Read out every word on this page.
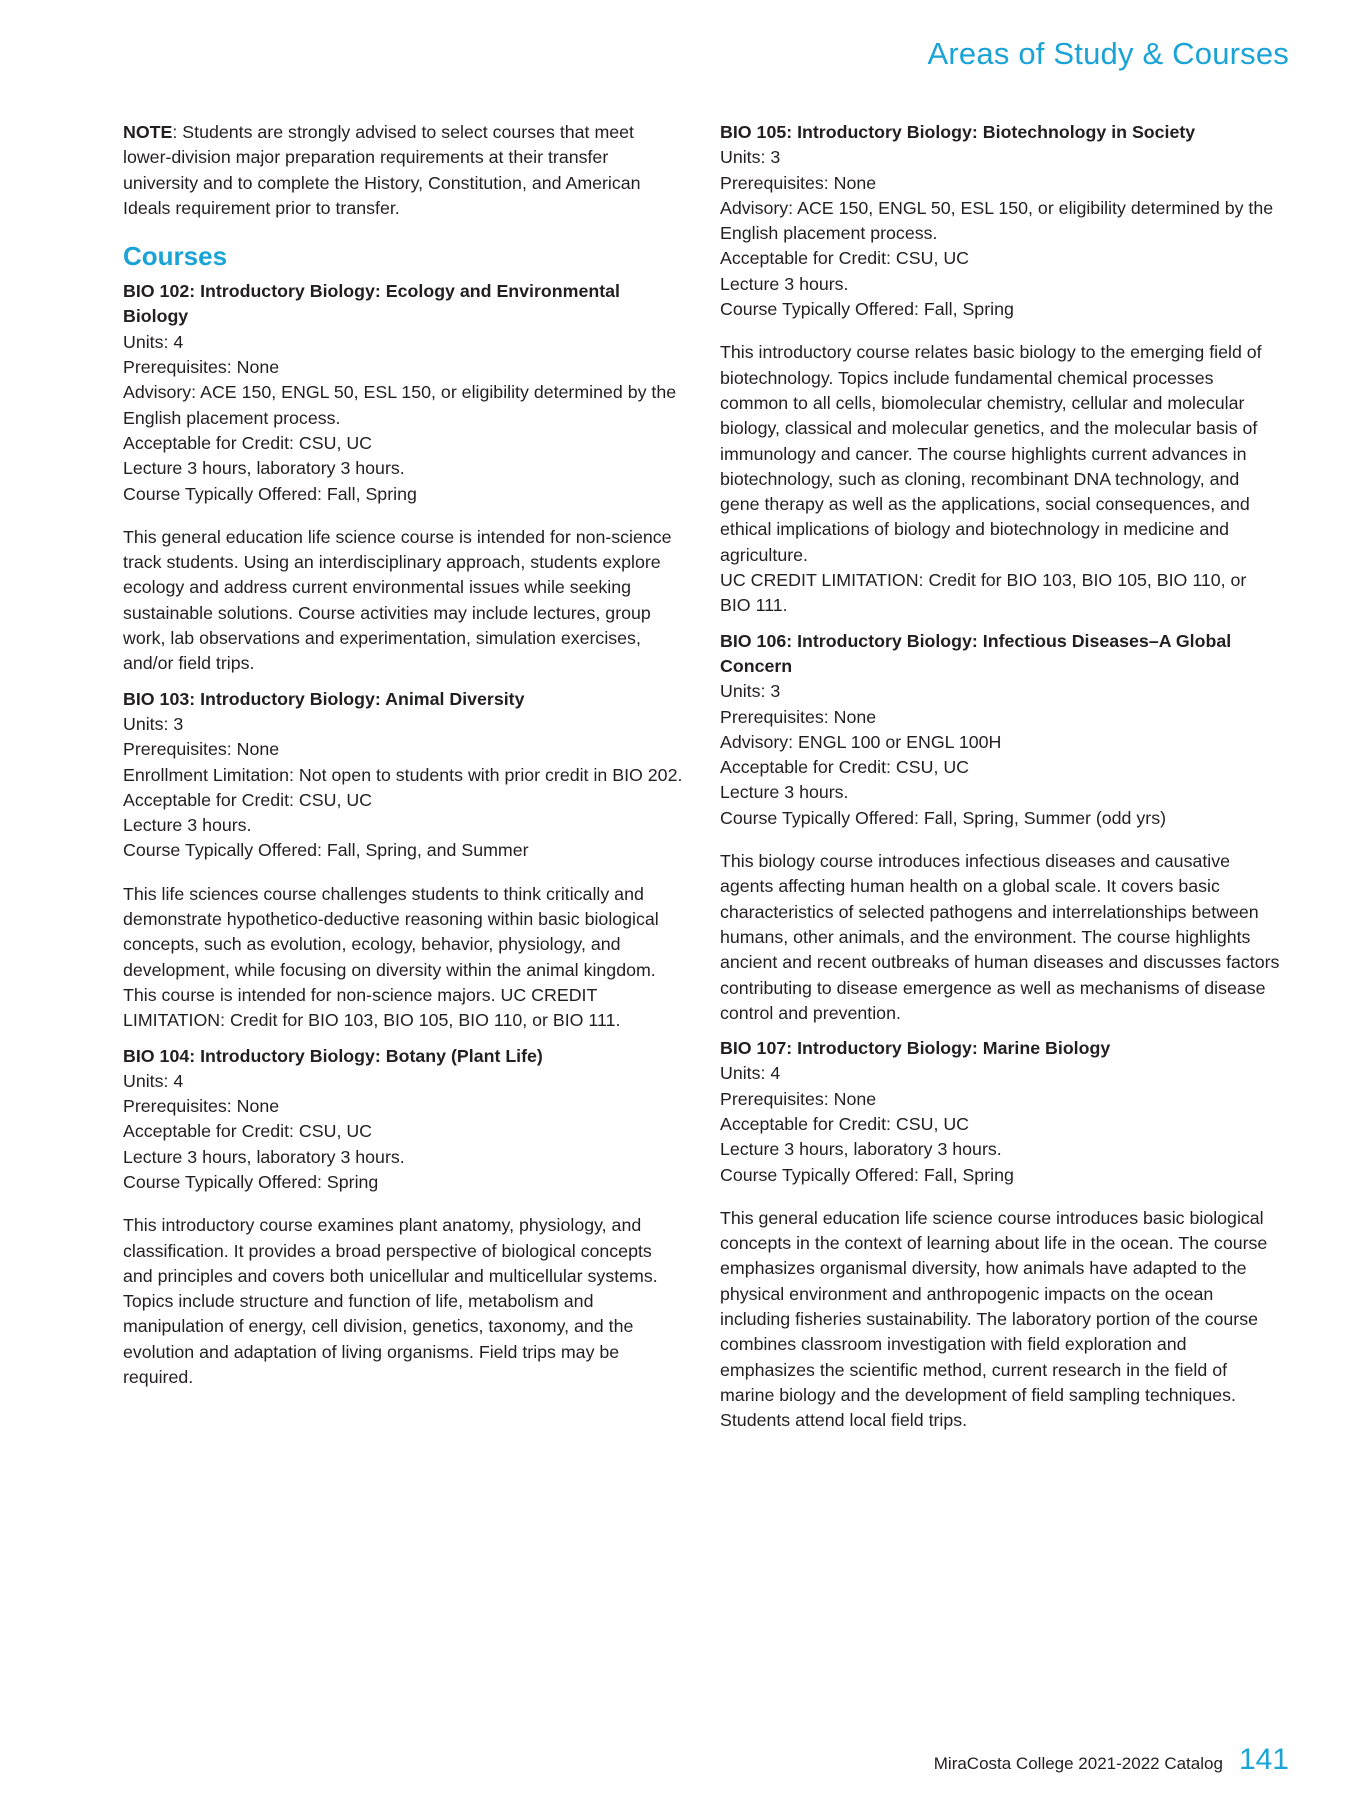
Areas of Study & Courses

NOTE: Students are strongly advised to select courses that meet lower-division major preparation requirements at their transfer university and to complete the History, Constitution, and American Ideals requirement prior to transfer.

Courses

BIO 102: Introductory Biology: Ecology and Environmental Biology

Units: 4

Prerequisites: None

Advisory: ACE 150, ENGL 50, ESL 150, or eligibility determined by the English placement process.

Acceptable for Credit: CSU, UC

Lecture 3 hours, laboratory 3 hours.

Course Typically Offered: Fall, Spring

This general education life science course is intended for non-science track students. Using an interdisciplinary approach, students explore ecology and address current environmental issues while seeking sustainable solutions. Course activities may include lectures, group work, lab observations and experimentation, simulation exercises, and/or field trips.

BIO 103: Introductory Biology: Animal Diversity

Units: 3

Prerequisites: None

Enrollment Limitation: Not open to students with prior credit in BIO 202.

Acceptable for Credit: CSU, UC

Lecture 3 hours.

Course Typically Offered: Fall, Spring, and Summer

This life sciences course challenges students to think critically and demonstrate hypothetico-deductive reasoning within basic biological concepts, such as evolution, ecology, behavior, physiology, and development, while focusing on diversity within the animal kingdom. This course is intended for non-science majors. UC CREDIT LIMITATION: Credit for BIO 103, BIO 105, BIO 110, or BIO 111.

BIO 104: Introductory Biology: Botany (Plant Life)

Units: 4

Prerequisites: None

Acceptable for Credit: CSU, UC

Lecture 3 hours, laboratory 3 hours.

Course Typically Offered: Spring

This introductory course examines plant anatomy, physiology, and classification. It provides a broad perspective of biological concepts and principles and covers both unicellular and multicellular systems. Topics include structure and function of life, metabolism and manipulation of energy, cell division, genetics, taxonomy, and the evolution and adaptation of living organisms. Field trips may be required.

BIO 105: Introductory Biology: Biotechnology in Society

Units: 3

Prerequisites: None

Advisory: ACE 150, ENGL 50, ESL 150, or eligibility determined by the English placement process.

Acceptable for Credit: CSU, UC

Lecture 3 hours.

Course Typically Offered: Fall, Spring

This introductory course relates basic biology to the emerging field of biotechnology. Topics include fundamental chemical processes common to all cells, biomolecular chemistry, cellular and molecular biology, classical and molecular genetics, and the molecular basis of immunology and cancer. The course highlights current advances in biotechnology, such as cloning, recombinant DNA technology, and gene therapy as well as the applications, social consequences, and ethical implications of biology and biotechnology in medicine and agriculture.

UC CREDIT LIMITATION: Credit for BIO 103, BIO 105, BIO 110, or BIO 111.

BIO 106: Introductory Biology: Infectious Diseases–A Global Concern

Units: 3

Prerequisites: None

Advisory: ENGL 100 or ENGL 100H

Acceptable for Credit: CSU, UC

Lecture 3 hours.

Course Typically Offered: Fall, Spring, Summer (odd yrs)

This biology course introduces infectious diseases and causative agents affecting human health on a global scale. It covers basic characteristics of selected pathogens and interrelationships between humans, other animals, and the environment. The course highlights ancient and recent outbreaks of human diseases and discusses factors contributing to disease emergence as well as mechanisms of disease control and prevention.

BIO 107: Introductory Biology: Marine Biology

Units: 4

Prerequisites: None

Acceptable for Credit: CSU, UC

Lecture 3 hours, laboratory 3 hours.

Course Typically Offered: Fall, Spring

This general education life science course introduces basic biological concepts in the context of learning about life in the ocean. The course emphasizes organismal diversity, how animals have adapted to the physical environment and anthropogenic impacts on the ocean including fisheries sustainability. The laboratory portion of the course combines classroom investigation with field exploration and emphasizes the scientific method, current research in the field of marine biology and the development of field sampling techniques. Students attend local field trips.

MiraCosta College 2021-2022 Catalog 141
